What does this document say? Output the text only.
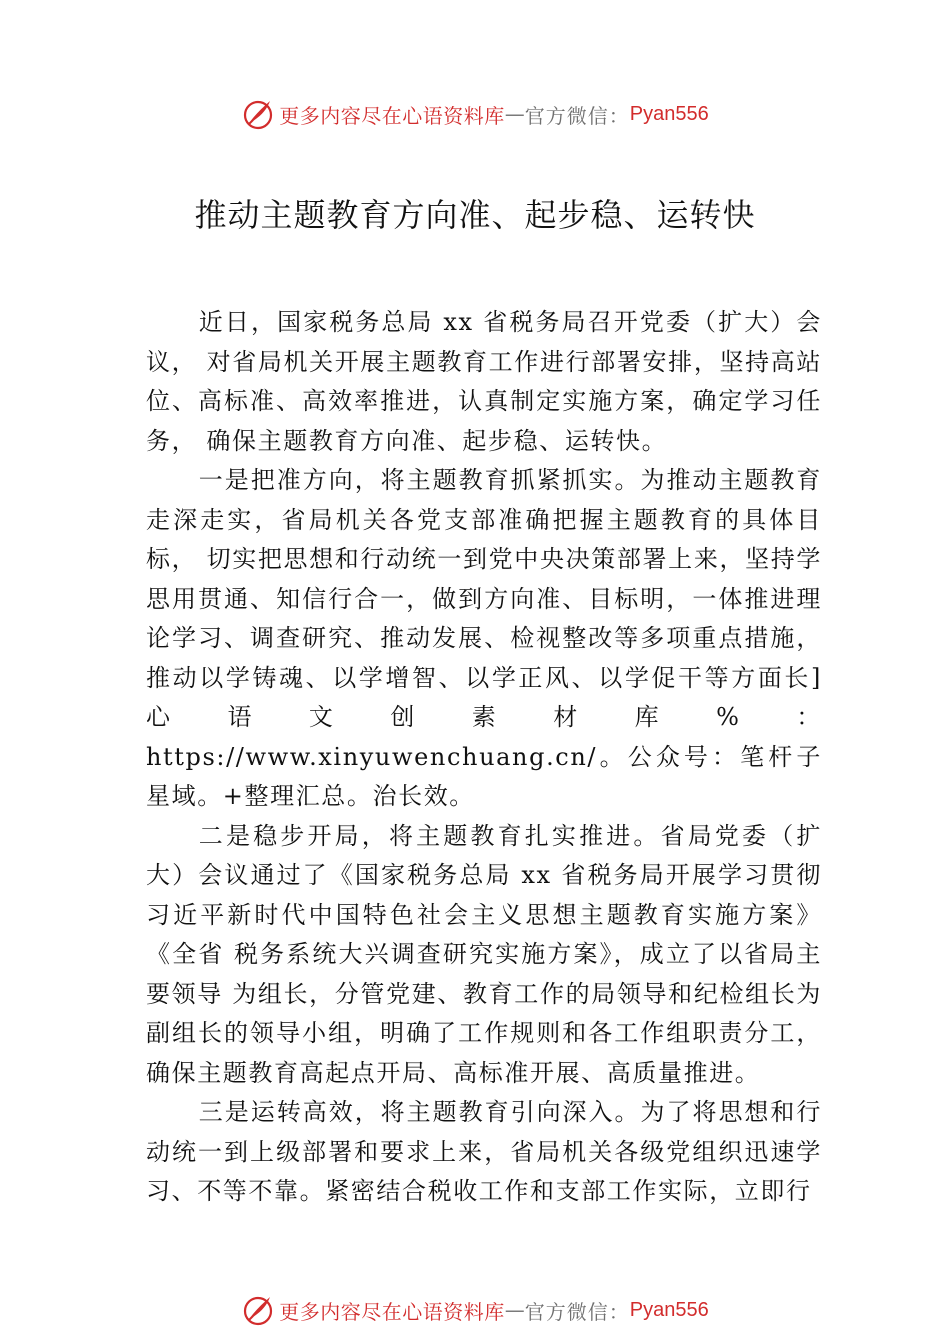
更多内容尽在心语资料库 — 官方微信： Pyan556
推动主题教育方向准、起步稳、运转快

近日，国家税务总局 xx 省税务局召开党委（扩大）会议， 对省局机关开展主题教育工作进行部署安排，坚持高站位、高标准、高效率推进，认真制定实施方案，确定学习任务， 确保主题教育方向准、起步稳、运转快。

一是把准方向，将主题教育抓紧抓实。为推动主题教育走深走实，省局机关各党支部准确把握主题教育的具体目标， 切实把思想和行动统一到党中央决策部署上来，坚持学思用贯通、知信行合一，做到方向准、目标明，一体推进理论学习、调查研究、推动发展、检视整改等多项重点措施，推动以学铸魂、以学增智、以学正风、以学促干等方面长]心语文创素材库%：https://www.xinyuwenchuang.cn/。公众号：笔杆子星域。+整理汇总。治长效。

二是稳步开局，将主题教育扎实推进。省局党委（扩大）会议通过了《国家税务总局 xx 省税务局开展学习贯彻习近平新时代中国特色社会主义思想主题教育实施方案》《全省 税务系统大兴调查研究实施方案》，成立了以省局主要领导 为组长，分管党建、教育工作的局领导和纪检组长为副组长的领导小组，明确了工作规则和各工作组职责分工，确保主题教育高起点开局、高标准开展、高质量推进。

三是运转高效，将主题教育引向深入。为了将思想和行动统一到上级部署和要求上来，省局机关各级党组织迅速学习、不等不靠。紧密结合税收工作和支部工作实际，立即行

更多内容尽在心语资料库 — 官方微信： Pyan556
